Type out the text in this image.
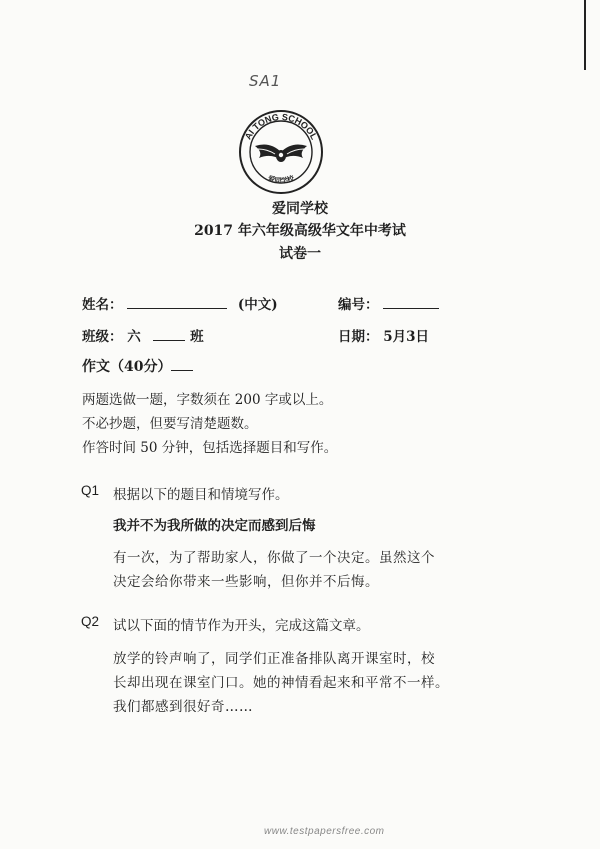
SA1
AI TONG SCHOOL
爱同学校
爱同学校
2017 年六年级高级华文年中考试
试卷一
姓名：	(中文)	编号：
班级： 六	班	日期： 5月3日
作文（40分）
两题选做一题，字数须在 200 字或以上。
不必抄题，但要写清楚题数。
作答时间 50 分钟，包括选择题目和写作。
Q1 根据以下的题目和情境写作。
我并不为我所做的决定而感到后悔
有一次，为了帮助家人，你做了一个决定。虽然这个
决定会给你带来一些影响，但你并不后悔。
Q2 试以下面的情节作为开头，完成这篇文章。
放学的铃声响了，同学们正准备排队离开课室时，校
长却出现在课室门口。她的神情看起来和平常不一样。
我们都感到很好奇……
www.testpapersfree.com
